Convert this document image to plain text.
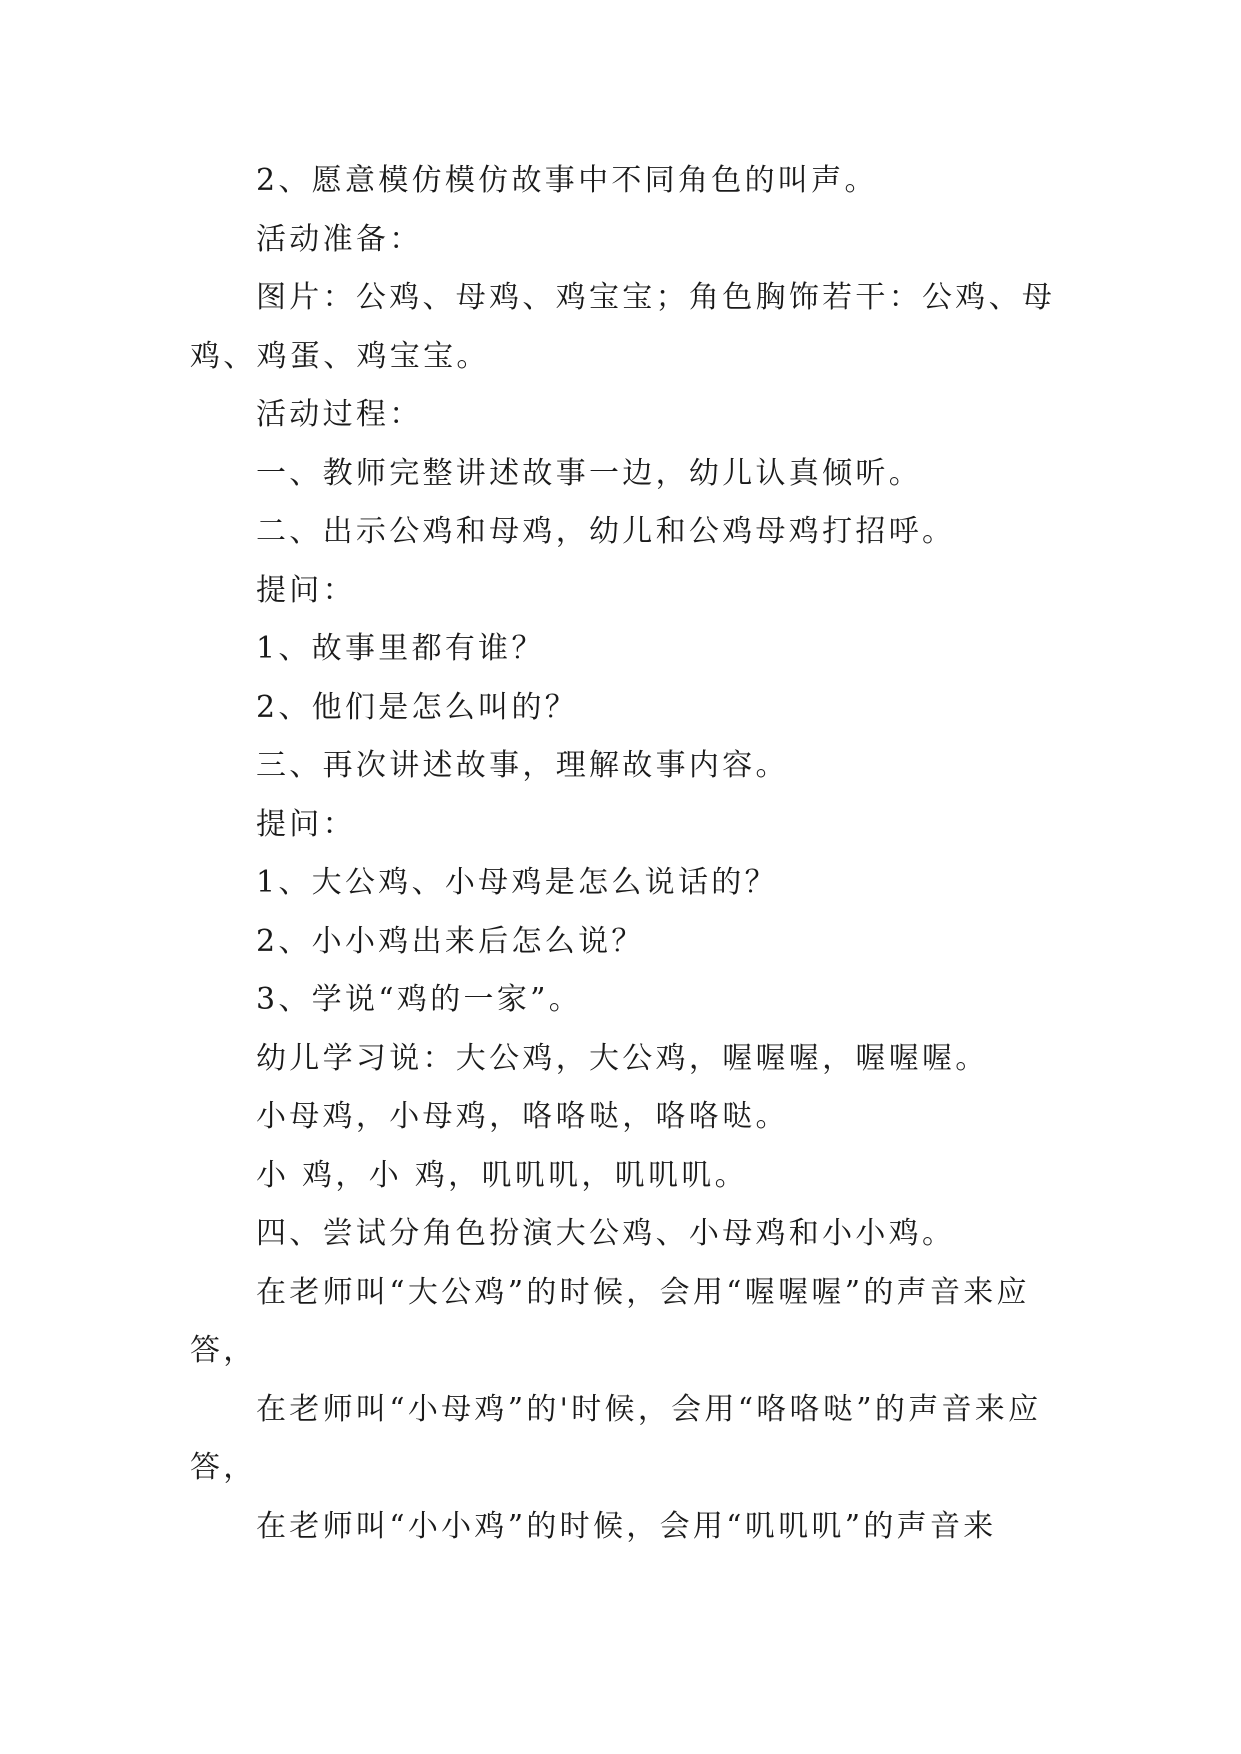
2、愿意模仿模仿故事中不同角色的叫声。

活动准备：

图片：公鸡、母鸡、鸡宝宝；角色胸饰若干：公鸡、母鸡、鸡蛋、鸡宝宝。

活动过程：

一、教师完整讲述故事一边，幼儿认真倾听。

二、出示公鸡和母鸡，幼儿和公鸡母鸡打招呼。

提问：

1、故事里都有谁？

2、他们是怎么叫的？

三、再次讲述故事，理解故事内容。

提问：

1、大公鸡、小母鸡是怎么说话的？

2、小小鸡出来后怎么说？

3、学说“鸡的一家”。

幼儿学习说：大公鸡，大公鸡，喔喔喔，喔喔喔。

小母鸡，小母鸡，咯咯哒，咯咯哒。

小 鸡，小 鸡，叽叽叽，叽叽叽。

四、尝试分角色扮演大公鸡、小母鸡和小小鸡。

在老师叫“大公鸡”的时候，会用“喔喔喔”的声音来应答，

在老师叫“小母鸡”的'时候，会用“咯咯哒”的声音来应答，

在老师叫“小小鸡”的时候，会用“叽叽叽”的声音来
